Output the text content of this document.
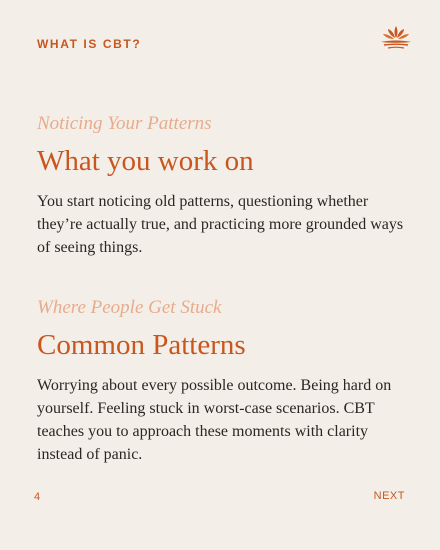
WHAT IS CBT?

Noticing Your Patterns

What you work on

You start noticing old patterns, questioning whether they’re actually true, and practicing more grounded ways of seeing things.

Where People Get Stuck

Common Patterns

Worrying about every possible outcome. Being hard on yourself. Feeling stuck in worst-case scenarios. CBT teaches you to approach these moments with clarity instead of panic.

4	NEXT
